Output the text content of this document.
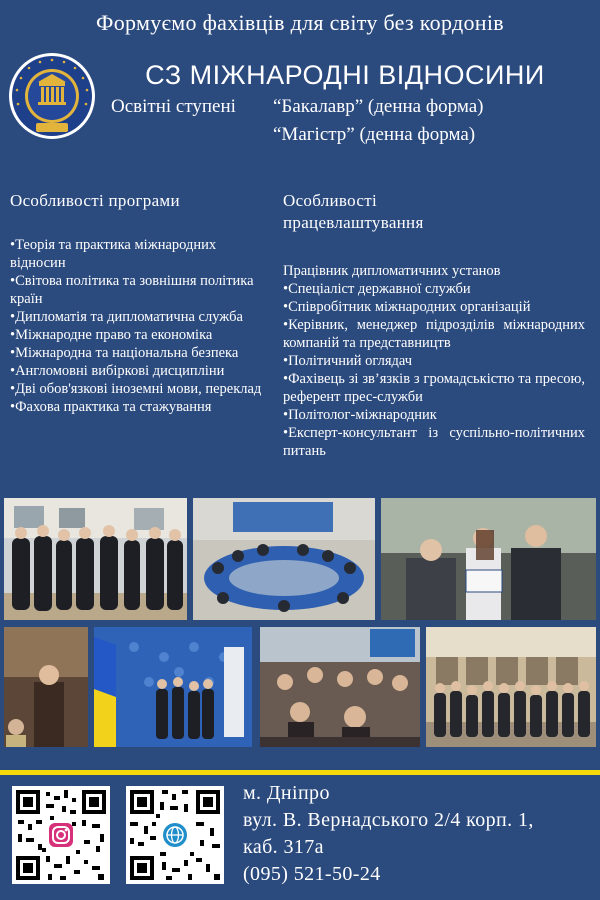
Формуємо фахівців для світу без кордонів
СЗ МІЖНАРОДНІ ВІДНОСИНИ
Освітні ступені “Бакалавр” (денна форма)
“Магістр” (денна форма)
Особливості програми
•Теорія та практика міжнародних відносин
•Світова політика та зовнішня політика країн
•Дипломатія та дипломатична служба
•Міжнародне право та економіка
•Міжнародна та національна безпека
•Англомовні вибіркові дисципліни
•Дві обов'язкові іноземні мови, переклад
•Фахова практика та стажування
Особливості працевлаштування
Працівник дипломатичних установ
•Спеціаліст державної служби
•Співробітник міжнародних організацій
•Керівник, менеджер підрозділів міжнародних компаній та представництв
•Політичний оглядач
•Фахівець зі зв’язків з громадськістю та пресою, референт прес-служби
•Політолог-міжнародник
•Експерт-консультант із суспільно-політичних питань
м. Дніпро
вул. В. Вернадського 2/4 корп. 1,
каб. 317а
(095) 521-50-24
